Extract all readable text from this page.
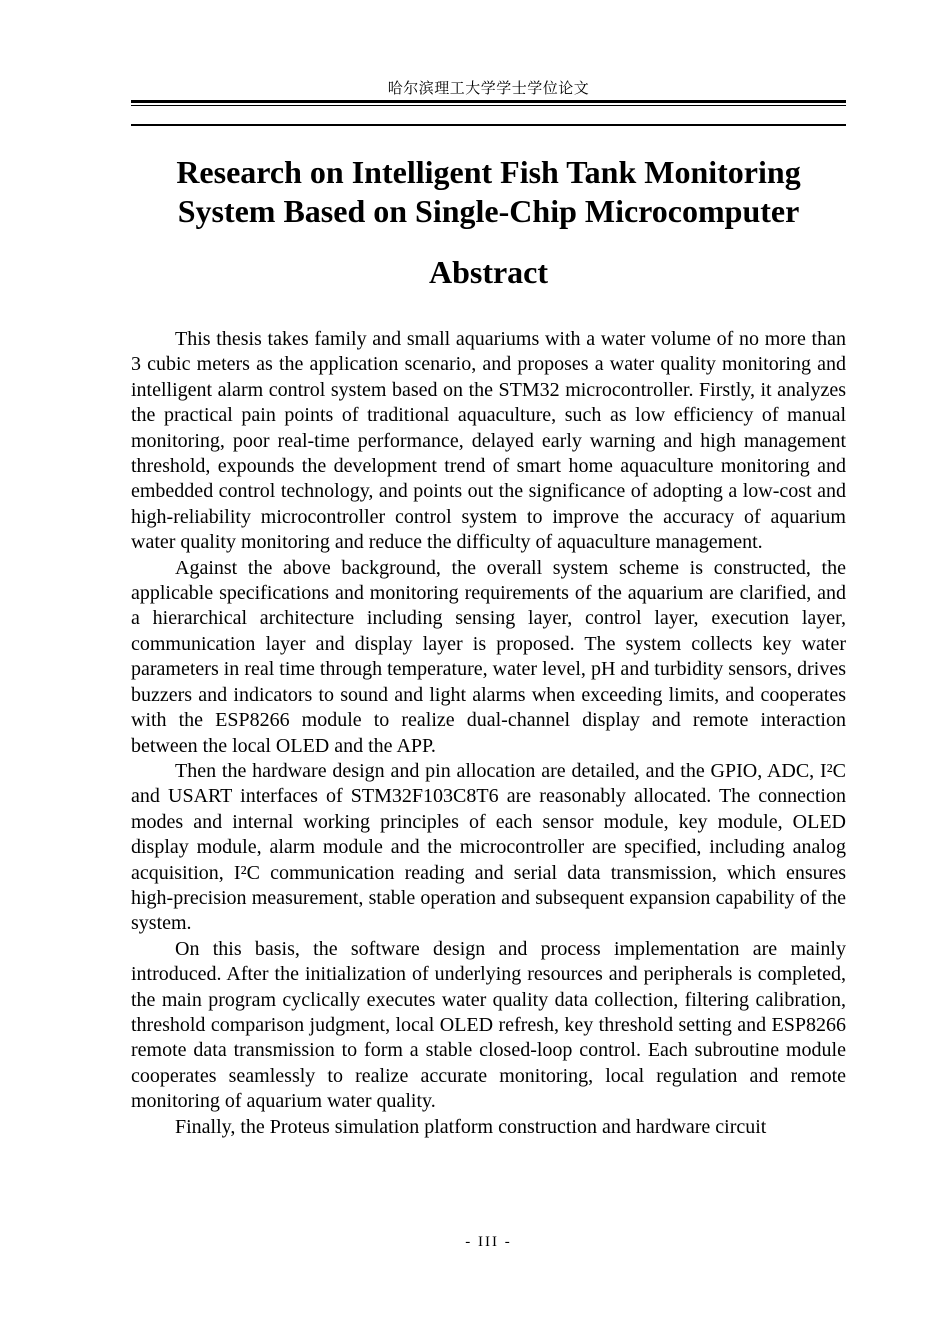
哈尔滨理工大学学士学位论文
Research on Intelligent Fish Tank Monitoring
System Based on Single-Chip Microcomputer
Abstract

This thesis takes family and small aquariums with a water volume of no more than 3 cubic meters as the application scenario, and proposes a water quality monitoring and intelligent alarm control system based on the STM32 microcontroller. Firstly, it analyzes the practical pain points of traditional aquaculture, such as low efficiency of manual monitoring, poor real-time performance, delayed early warning and high management threshold, expounds the development trend of smart home aquaculture monitoring and embedded control technology, and points out the significance of adopting a low-cost and high-reliability microcontroller control system to improve the accuracy of aquarium water quality monitoring and reduce the difficulty of aquaculture management.

Against the above background, the overall system scheme is constructed, the applicable specifications and monitoring requirements of the aquarium are clarified, and a hierarchical architecture including sensing layer, control layer, execution layer, communication layer and display layer is proposed. The system collects key water parameters in real time through temperature, water level, pH and turbidity sensors, drives buzzers and indicators to sound and light alarms when exceeding limits, and cooperates with the ESP8266 module to realize dual-channel display and remote interaction between the local OLED and the APP.

Then the hardware design and pin allocation are detailed, and the GPIO, ADC, I²C and USART interfaces of STM32F103C8T6 are reasonably allocated. The connection modes and internal working principles of each sensor module, key module, OLED display module, alarm module and the microcontroller are specified, including analog acquisition, I²C communication reading and serial data transmission, which ensures high-precision measurement, stable operation and subsequent expansion capability of the system.

On this basis, the software design and process implementation are mainly introduced. After the initialization of underlying resources and peripherals is completed, the main program cyclically executes water quality data collection, filtering calibration, threshold comparison judgment, local OLED refresh, key threshold setting and ESP8266 remote data transmission to form a stable closed-loop control. Each subroutine module cooperates seamlessly to realize accurate monitoring, local regulation and remote monitoring of aquarium water quality.

Finally, the Proteus simulation platform construction and hardware circuit

- III -
